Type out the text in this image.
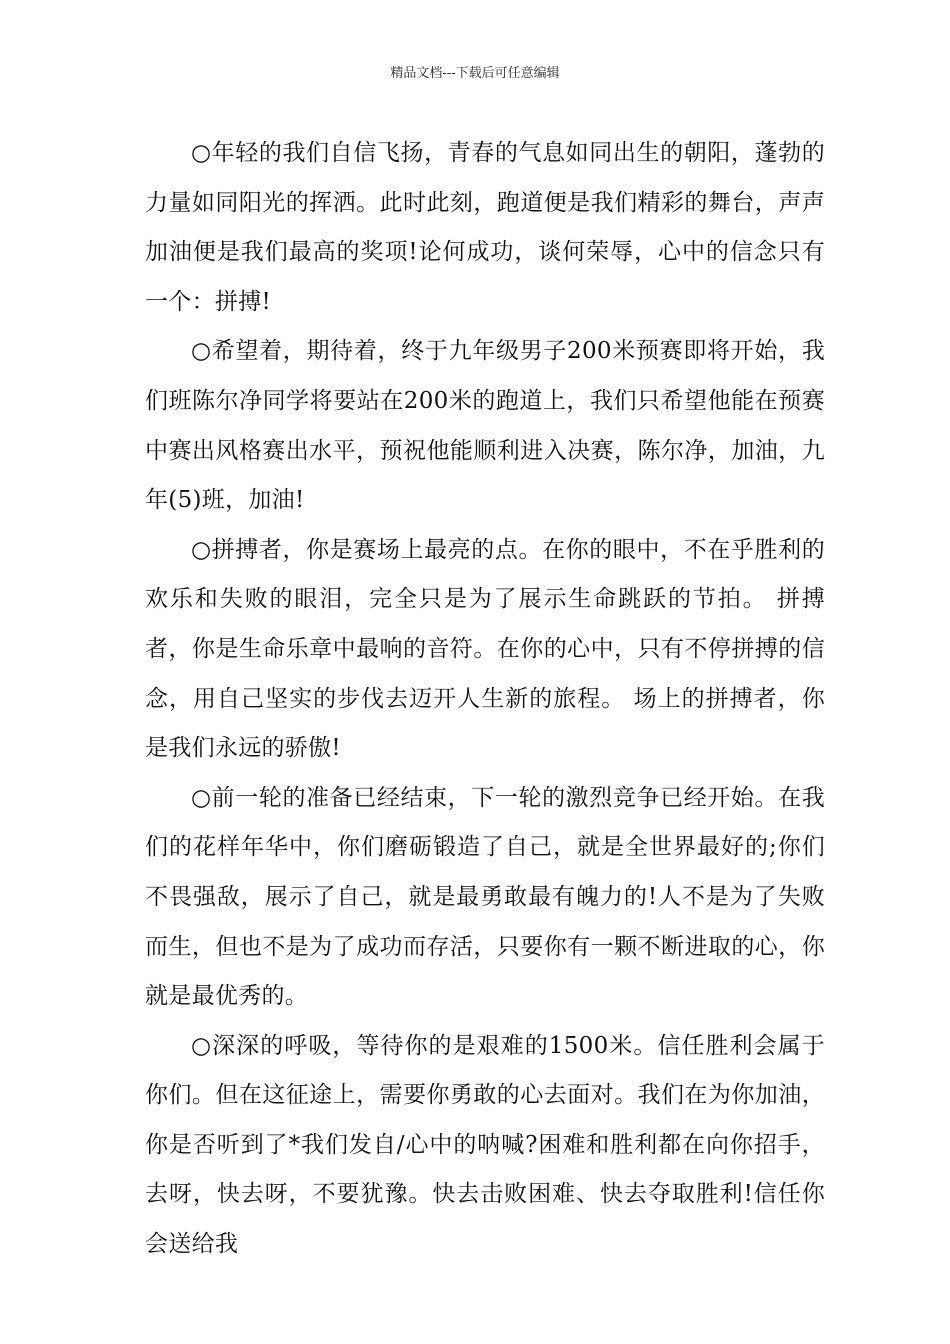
精品文档---下载后可任意编辑

○年轻的我们自信飞扬，青春的气息如同出生的朝阳，蓬勃的力量如同阳光的挥洒。此时此刻，跑道便是我们精彩的舞台，声声加油便是我们最高的奖项!论何成功，谈何荣辱，心中的信念只有一个：拼搏!

○希望着，期待着，终于九年级男子200米预赛即将开始，我们班陈尔净同学将要站在200米的跑道上，我们只希望他能在预赛中赛出风格赛出水平，预祝他能顺利进入决赛，陈尔净，加油，九年(5)班，加油!

○拼搏者，你是赛场上最亮的点。在你的眼中，不在乎胜利的欢乐和失败的眼泪，完全只是为了展示生命跳跃的节拍。 拼搏者，你是生命乐章中最响的音符。在你的心中，只有不停拼搏的信念，用自己坚实的步伐去迈开人生新的旅程。 场上的拼搏者，你是我们永远的骄傲!

○前一轮的准备已经结束，下一轮的激烈竞争已经开始。在我们的花样年华中，你们磨砺锻造了自己，就是全世界最好的;你们不畏强敌，展示了自己，就是最勇敢最有魄力的!人不是为了失败而生，但也不是为了成功而存活，只要你有一颗不断进取的心，你就是最优秀的。

○深深的呼吸，等待你的是艰难的1500米。信任胜利会属于你们。但在这征途上，需要你勇敢的心去面对。我们在为你加油，你是否听到了*我们发自/心中的呐喊?困难和胜利都在向你招手，去呀，快去呀，不要犹豫。快去击败困难、快去夺取胜利!信任你会送给我
